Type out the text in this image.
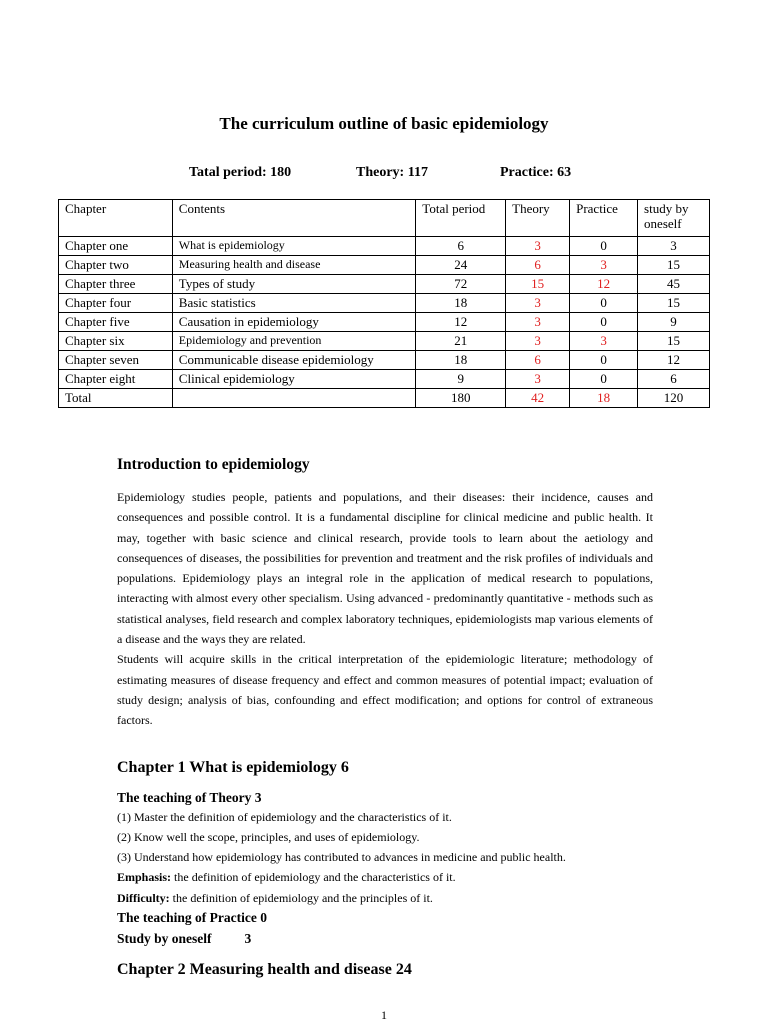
The curriculum outline of basic epidemiology
Tatal period: 180	Theory: 117	Practice: 63
Chapter	Contents	Total period	Theory	Practice	study by oneself
Chapter one	What is epidemiology	6	3	0	3
Chapter two	Measuring health and disease	24	6	3	15
Chapter three	Types of study	72	15	12	45
Chapter four	Basic statistics	18	3	0	15
Chapter five	Causation in epidemiology	12	3	0	9
Chapter six	Epidemiology and prevention	21	3	3	15
Chapter seven	Communicable disease epidemiology	18	6	0	12
Chapter eight	Clinical epidemiology	9	3	0	6
Total		180	42	18	120
Introduction to epidemiology

Epidemiology studies people, patients and populations, and their diseases: their incidence, causes and consequences and possible control. It is a fundamental discipline for clinical medicine and public health. It may, together with basic science and clinical research, provide tools to learn about the aetiology and consequences of diseases, the possibilities for prevention and treatment and the risk profiles of individuals and populations. Epidemiology plays an integral role in the application of medical research to populations, interacting with almost every other specialism. Using advanced - predominantly quantitative - methods such as statistical analyses, field research and complex laboratory techniques, epidemiologists map various elements of a disease and the ways they are related.

Students will acquire skills in the critical interpretation of the epidemiologic literature; methodology of estimating measures of disease frequency and effect and common measures of potential impact; evaluation of study design; analysis of bias, confounding and effect modification; and options for control of extraneous factors.

Chapter 1 What is epidemiology 6
The teaching of Theory 3
(1) Master the definition of epidemiology and the characteristics of it.
(2) Know well the scope, principles, and uses of epidemiology.
(3) Understand how epidemiology has contributed to advances in medicine and public health.
Emphasis: the definition of epidemiology and the characteristics of it.
Difficulty: the definition of epidemiology and the principles of it.
The teaching of Practice 0
Study by oneself 3
Chapter 2 Measuring health and disease 24
1
